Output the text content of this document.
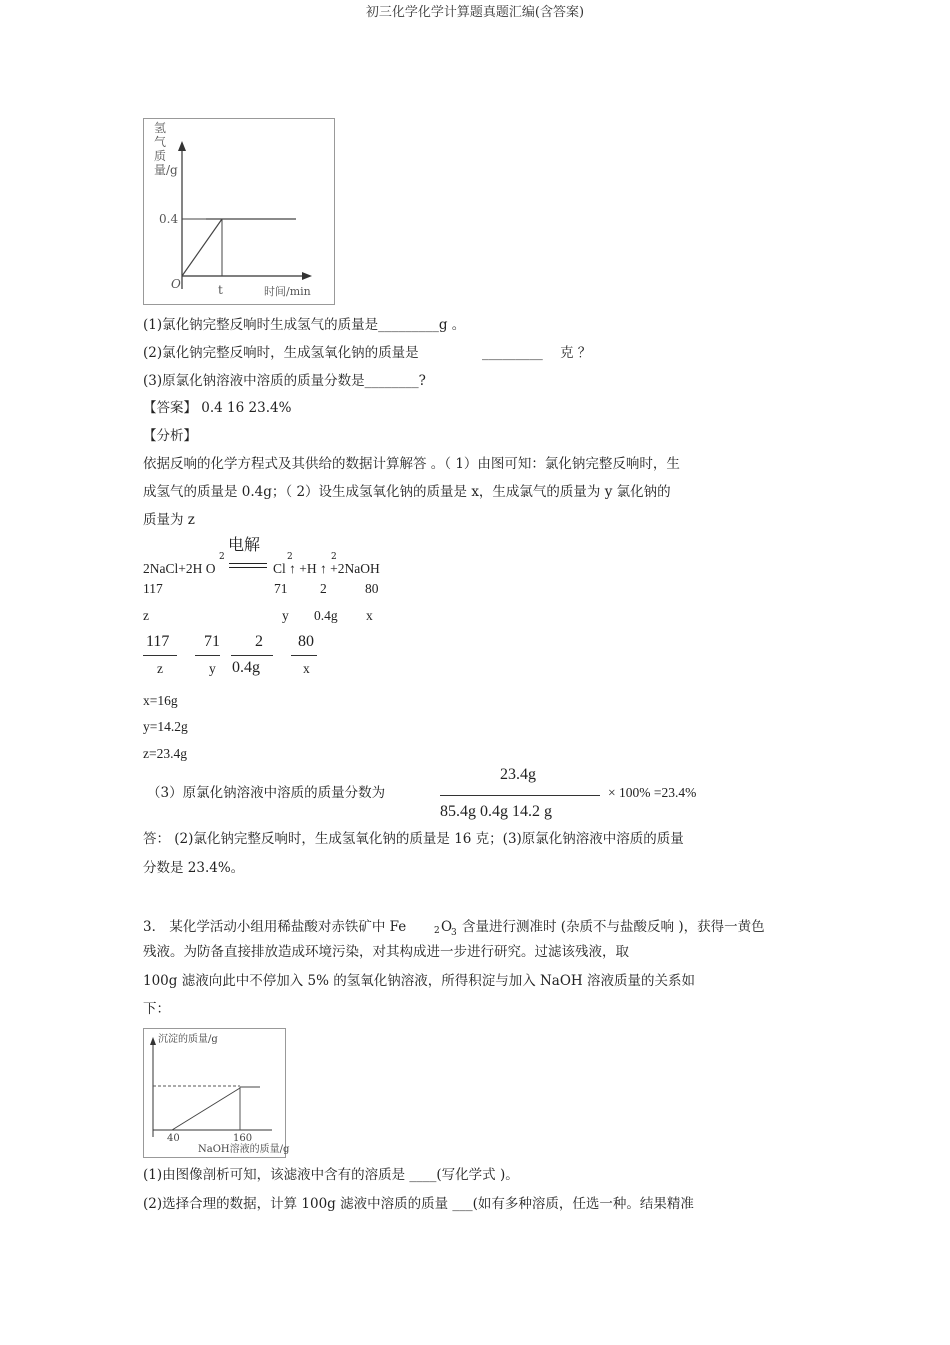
初三化学化学计算题真题汇编(含答案)
氢气质量/g
0.4
O	t	时间/min
(1)氯化钠完整反响时生成氢气的质量是_________g 。
(2)氯化钠完整反响时，生成氢氧化钠的质量是	_________ 克 ？
(3)原氯化钠溶液中溶质的质量分数是________?
【答案】 0.4 16 23.4%
【分析】
依据反响的化学方程式及其供给的数据计算解答 。（ 1）由图可知：氯化钠完整反响时，生
成氢气的质量是 0.4g；（ 2）设生成氢氧化钠的质量是 x，生成氯气的质量为 y 氯化钠的
质量为 z
电解
2NaCl+2H O
2
Cl ↑ +H ↑ +2NaOH
2	2
117	71 2	80
z	y 0.4g x
117
z
71
y
2
0.4g
80
x
x=16g
y=14.2g
z=23.4g
（3）原氯化钠溶液中溶质的质量分数为
23.4g
85.4g 0.4g 14.2 g
× 100% =23.4%
答： (2)氯化钠完整反响时，生成氢氧化钠的质量是 16 克；(3)原氯化钠溶液中溶质的质量
分数是 23.4%。
3． 某化学活动小组用稀盐酸对赤铁矿中 Fe	2 O
3 含量进行测准时 (杂质不与盐酸反响 )，获得一黄色
残液。为防备直接排放造成环境污染，对其构成进一步进行研究。过滤该残液，取
100g 滤液向此中不停加入 5% 的氢氧化钠溶液，所得积淀与加入 NaOH 溶液质量的关系如
下：
沉淀的质量/g
40	160
NaOH溶液的质量/g
(1)由图像剖析可知，该滤液中含有的溶质是 ____(写化学式 )。
(2)选择合理的数据，计算 100g 滤液中溶质的质量 ___(如有多种溶质，任选一种。结果精准
